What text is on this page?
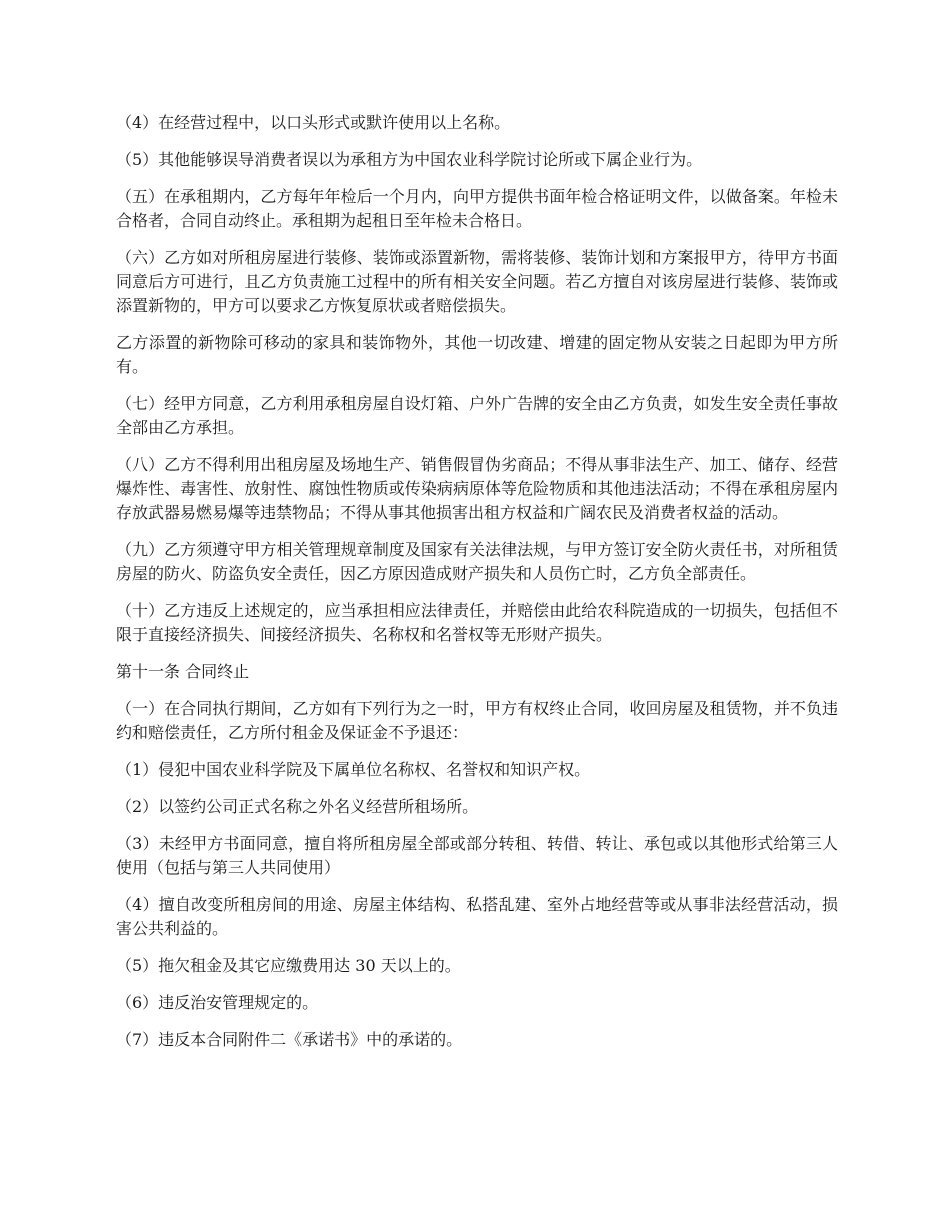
（4）在经营过程中，以口头形式或默许使用以上名称。

（5）其他能够误导消费者误以为承租方为中国农业科学院讨论所或下属企业行为。

（五）在承租期内，乙方每年年检后一个月内，向甲方提供书面年检合格证明文件，以做备案。年检未合格者，合同自动终止。承租期为起租日至年检未合格日。

（六）乙方如对所租房屋进行装修、装饰或添置新物，需将装修、装饰计划和方案报甲方，待甲方书面同意后方可进行，且乙方负责施工过程中的所有相关安全问题。若乙方擅自对该房屋进行装修、装饰或添置新物的，甲方可以要求乙方恢复原状或者赔偿损失。

乙方添置的新物除可移动的家具和装饰物外，其他一切改建、增建的固定物从安装之日起即为甲方所有。

（七）经甲方同意，乙方利用承租房屋自设灯箱、户外广告牌的安全由乙方负责，如发生安全责任事故全部由乙方承担。

（八）乙方不得利用出租房屋及场地生产、销售假冒伪劣商品；不得从事非法生产、加工、储存、经营爆炸性、毒害性、放射性、腐蚀性物质或传染病病原体等危险物质和其他违法活动；不得在承租房屋内存放武器易燃易爆等违禁物品；不得从事其他损害出租方权益和广阔农民及消费者权益的活动。

（九）乙方须遵守甲方相关管理规章制度及国家有关法律法规，与甲方签订安全防火责任书，对所租赁房屋的防火、防盗负安全责任，因乙方原因造成财产损失和人员伤亡时，乙方负全部责任。

（十）乙方违反上述规定的，应当承担相应法律责任，并赔偿由此给农科院造成的一切损失，包括但不限于直接经济损失、间接经济损失、名称权和名誉权等无形财产损失。

第十一条 合同终止

（一）在合同执行期间，乙方如有下列行为之一时，甲方有权终止合同，收回房屋及租赁物，并不负违约和赔偿责任，乙方所付租金及保证金不予退还：

（1）侵犯中国农业科学院及下属单位名称权、名誉权和知识产权。

（2）以签约公司正式名称之外名义经营所租场所。

（3）未经甲方书面同意，擅自将所租房屋全部或部分转租、转借、转让、承包或以其他形式给第三人使用（包括与第三人共同使用）

（4）擅自改变所租房间的用途、房屋主体结构、私搭乱建、室外占地经营等或从事非法经营活动，损害公共利益的。

（5）拖欠租金及其它应缴费用达 30 天以上的。

（6）违反治安管理规定的。

（7）违反本合同附件二《承诺书》中的承诺的。
